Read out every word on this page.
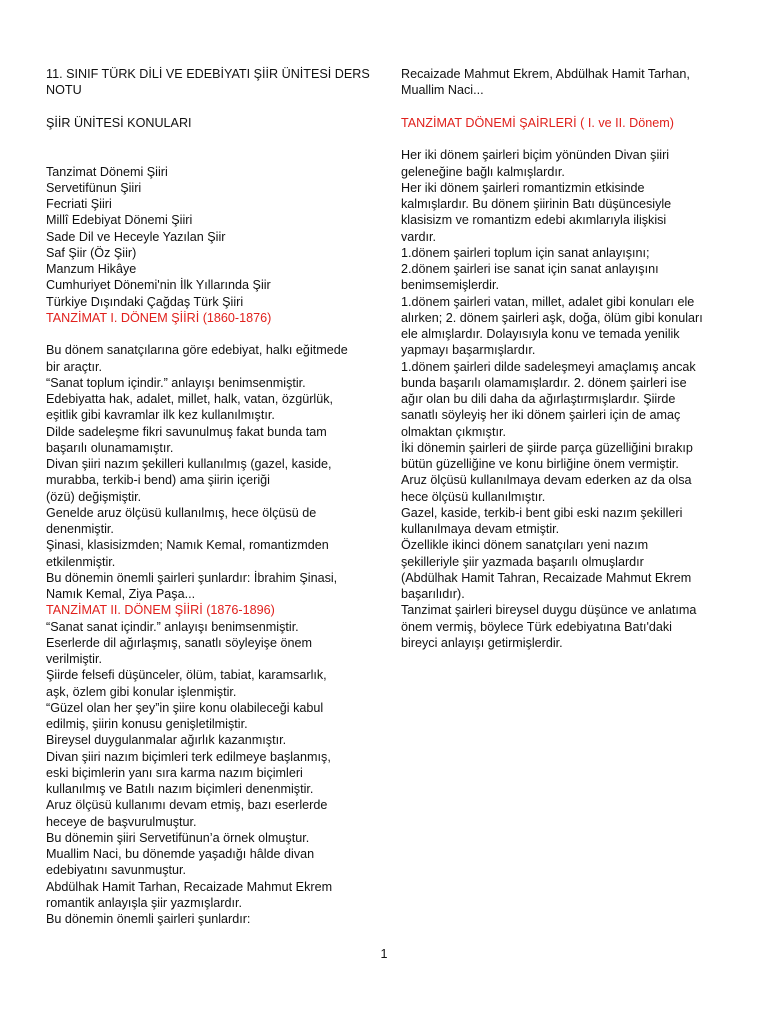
11. SINIF TÜRK DİLİ VE EDEBİYATI ŞİİR ÜNİTESİ DERS
NOTU
ŞİİR ÜNİTESİ KONULARI
Tanzimat Dönemi Şiiri
Servetifünun Şiiri
Fecriati Şiiri
Millî Edebiyat Dönemi Şiiri
Sade Dil ve Heceyle Yazılan Şiir
Saf Şiir (Öz Şiir)
Manzum Hikâye
Cumhuriyet Dönemi'nin İlk Yıllarında Şiir
Türkiye Dışındaki Çağdaş Türk Şiiri
TANZİMAT I. DÖNEM ŞİİRİ (1860-1876)
Bu dönem sanatçılarına göre edebiyat, halkı eğitmede
bir araçtır.
“Sanat toplum içindir.” anlayışı benimsenmiştir.
Edebiyatta hak, adalet, millet, halk, vatan, özgürlük,
eşitlik gibi kavramlar ilk kez kullanılmıştır.
Dilde sadeleşme fikri savunulmuş fakat bunda tam
başarılı olunamamıştır.
Divan şiiri nazım şekilleri kullanılmış (gazel, kaside,
murabba, terkib-i bend) ama şiirin içeriği
(özü) değişmiştir.
Genelde aruz ölçüsü kullanılmış, hece ölçüsü de
denenmiştir.
Şinasi, klasisizmden; Namık Kemal, romantizmden
etkilenmiştir.
Bu dönemin önemli şairleri şunlardır: İbrahim Şinasi,
Namık Kemal, Ziya Paşa...
TANZİMAT II. DÖNEM ŞİİRİ (1876-1896)
“Sanat sanat içindir.” anlayışı benimsenmiştir.
Eserlerde dil ağırlaşmış, sanatlı söyleyişe önem
verilmiştir.
Şiirde felsefi düşünceler, ölüm, tabiat, karamsarlık,
aşk, özlem gibi konular işlenmiştir.
“Güzel olan her şey”in şiire konu olabileceği kabul
edilmiş, şiirin konusu genişletilmiştir.
Bireysel duygulanmalar ağırlık kazanmıştır.
Divan şiiri nazım biçimleri terk edilmeye başlanmış,
eski biçimlerin yanı sıra karma nazım biçimleri
kullanılmış ve Batılı nazım biçimleri denenmiştir.
Aruz ölçüsü kullanımı devam etmiş, bazı eserlerde
heceye de başvurulmuştur.
Bu dönemin şiiri Servetifünun’a örnek olmuştur.
Muallim Naci, bu dönemde yaşadığı hâlde divan
edebiyatını savunmuştur.
Abdülhak Hamit Tarhan, Recaizade Mahmut Ekrem
romantik anlayışla şiir yazmışlardır.
Bu dönemin önemli şairleri şunlardır:
Recaizade Mahmut Ekrem, Abdülhak Hamit Tarhan,
Muallim Naci...
TANZİMAT DÖNEMİ ŞAİRLERİ ( I. ve II. Dönem)
Her iki dönem şairleri biçim yönünden Divan şiiri
geleneğine bağlı kalmışlardır.
Her iki dönem şairleri romantizmin etkisinde
kalmışlardır. Bu dönem şiirinin Batı düşüncesiyle
klasisizm ve romantizm edebi akımlarıyla ilişkisi
vardır.
1.dönem şairleri toplum için sanat anlayışını;
2.dönem şairleri ise sanat için sanat anlayışını
benimsemişlerdir.
1.dönem şairleri vatan, millet, adalet gibi konuları ele
alırken; 2. dönem şairleri aşk, doğa, ölüm gibi konuları
ele almışlardır. Dolayısıyla konu ve temada yenilik
yapmayı başarmışlardır.
1.dönem şairleri dilde sadeleşmeyi amaçlamış ancak
bunda başarılı olamamışlardır. 2. dönem şairleri ise
ağır olan bu dili daha da ağırlaştırmışlardır. Şiirde
sanatlı söyleyiş her iki dönem şairleri için de amaç
olmaktan çıkmıştır.
İki dönemin şairleri de şiirde parça güzelliğini bırakıp
bütün güzelliğine ve konu birliğine önem vermiştir.
Aruz ölçüsü kullanılmaya devam ederken az da olsa
hece ölçüsü kullanılmıştır.
Gazel, kaside, terkib-i bent gibi eski nazım şekilleri
kullanılmaya devam etmiştir.
Özellikle ikinci dönem sanatçıları yeni nazım
şekilleriyle şiir yazmada başarılı olmuşlardır
(Abdülhak Hamit Tahran, Recaizade Mahmut Ekrem
başarılıdır).
Tanzimat şairleri bireysel duygu düşünce ve anlatıma
önem vermiş, böylece Türk edebiyatına Batı'daki
bireyci anlayışı getirmişlerdir.
1
